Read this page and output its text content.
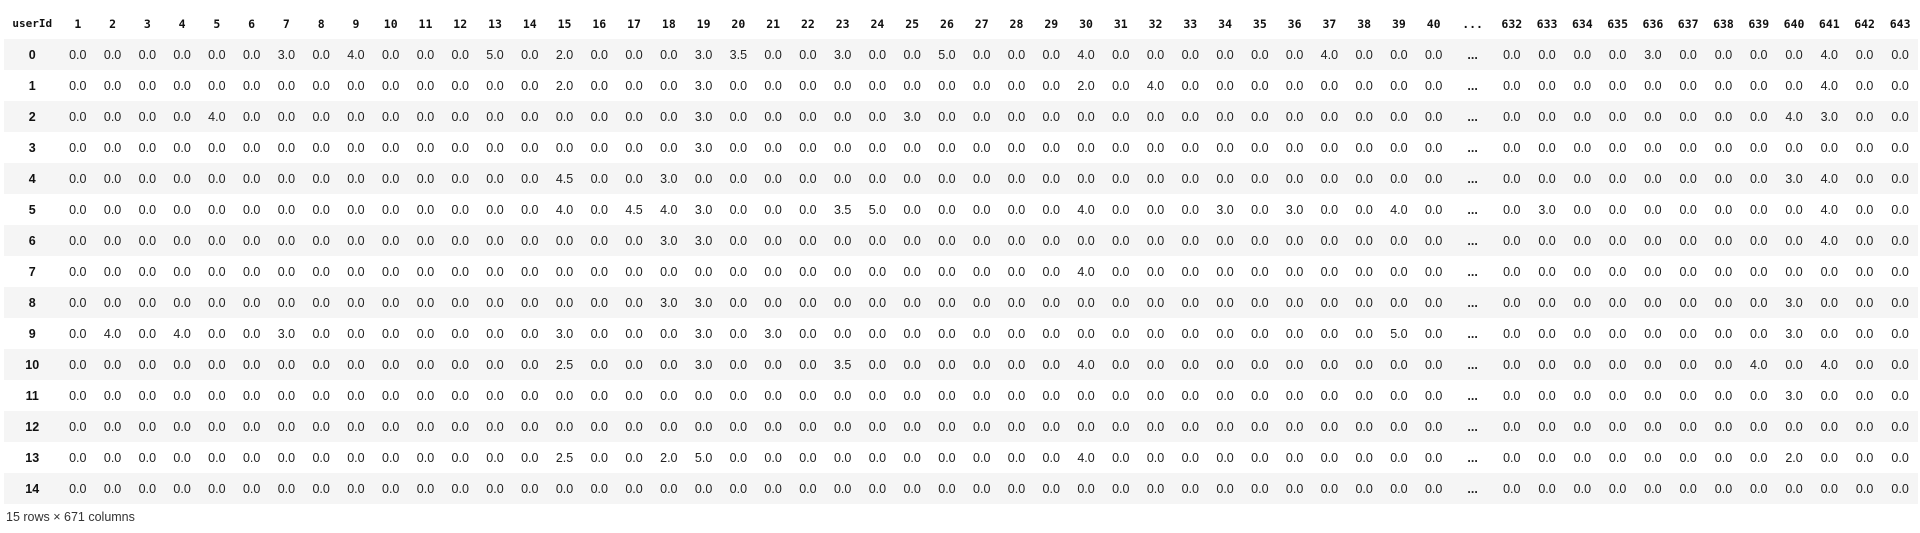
userId	1	2	3	4	5	6	7	8	9	10	11	12	13	14	15	16	17	18	19	20	21	22	23	24	25	26	27	28	29	30	31	32	33	34	35	36	37	38	39	40	...	632	633	634	635	636	637	638	639	640	641	642	643
0	0.0	0.0	0.0	0.0	0.0	0.0	3.0	0.0	4.0	0.0	0.0	0.0	5.0	0.0	2.0	0.0	0.0	0.0	3.0	3.5	0.0	0.0	3.0	0.0	0.0	5.0	0.0	0.0	0.0	4.0	0.0	0.0	0.0	0.0	0.0	0.0	4.0	0.0	0.0	0.0	...	0.0	0.0	0.0	0.0	3.0	0.0	0.0	0.0	0.0	4.0	0.0	0.0
1	0.0	0.0	0.0	0.0	0.0	0.0	0.0	0.0	0.0	0.0	0.0	0.0	0.0	0.0	2.0	0.0	0.0	0.0	3.0	0.0	0.0	0.0	0.0	0.0	0.0	0.0	0.0	0.0	0.0	2.0	0.0	4.0	0.0	0.0	0.0	0.0	0.0	0.0	0.0	0.0	...	0.0	0.0	0.0	0.0	0.0	0.0	0.0	0.0	0.0	4.0	0.0	0.0
2	0.0	0.0	0.0	0.0	4.0	0.0	0.0	0.0	0.0	0.0	0.0	0.0	0.0	0.0	0.0	0.0	0.0	0.0	3.0	0.0	0.0	0.0	0.0	0.0	3.0	0.0	0.0	0.0	0.0	0.0	0.0	0.0	0.0	0.0	0.0	0.0	0.0	0.0	0.0	0.0	...	0.0	0.0	0.0	0.0	0.0	0.0	0.0	0.0	4.0	3.0	0.0	0.0
3	0.0	0.0	0.0	0.0	0.0	0.0	0.0	0.0	0.0	0.0	0.0	0.0	0.0	0.0	0.0	0.0	0.0	0.0	3.0	0.0	0.0	0.0	0.0	0.0	0.0	0.0	0.0	0.0	0.0	0.0	0.0	0.0	0.0	0.0	0.0	0.0	0.0	0.0	0.0	0.0	...	0.0	0.0	0.0	0.0	0.0	0.0	0.0	0.0	0.0	0.0	0.0	0.0
4	0.0	0.0	0.0	0.0	0.0	0.0	0.0	0.0	0.0	0.0	0.0	0.0	0.0	0.0	4.5	0.0	0.0	3.0	0.0	0.0	0.0	0.0	0.0	0.0	0.0	0.0	0.0	0.0	0.0	0.0	0.0	0.0	0.0	0.0	0.0	0.0	0.0	0.0	0.0	0.0	...	0.0	0.0	0.0	0.0	0.0	0.0	0.0	0.0	3.0	4.0	0.0	0.0
5	0.0	0.0	0.0	0.0	0.0	0.0	0.0	0.0	0.0	0.0	0.0	0.0	0.0	0.0	4.0	0.0	4.5	4.0	3.0	0.0	0.0	0.0	3.5	5.0	0.0	0.0	0.0	0.0	0.0	4.0	0.0	0.0	0.0	3.0	0.0	3.0	0.0	0.0	4.0	0.0	...	0.0	3.0	0.0	0.0	0.0	0.0	0.0	0.0	0.0	4.0	0.0	0.0
6	0.0	0.0	0.0	0.0	0.0	0.0	0.0	0.0	0.0	0.0	0.0	0.0	0.0	0.0	0.0	0.0	0.0	3.0	3.0	0.0	0.0	0.0	0.0	0.0	0.0	0.0	0.0	0.0	0.0	0.0	0.0	0.0	0.0	0.0	0.0	0.0	0.0	0.0	0.0	0.0	...	0.0	0.0	0.0	0.0	0.0	0.0	0.0	0.0	0.0	4.0	0.0	0.0
7	0.0	0.0	0.0	0.0	0.0	0.0	0.0	0.0	0.0	0.0	0.0	0.0	0.0	0.0	0.0	0.0	0.0	0.0	0.0	0.0	0.0	0.0	0.0	0.0	0.0	0.0	0.0	0.0	0.0	4.0	0.0	0.0	0.0	0.0	0.0	0.0	0.0	0.0	0.0	0.0	...	0.0	0.0	0.0	0.0	0.0	0.0	0.0	0.0	0.0	0.0	0.0	0.0
8	0.0	0.0	0.0	0.0	0.0	0.0	0.0	0.0	0.0	0.0	0.0	0.0	0.0	0.0	0.0	0.0	0.0	3.0	3.0	0.0	0.0	0.0	0.0	0.0	0.0	0.0	0.0	0.0	0.0	0.0	0.0	0.0	0.0	0.0	0.0	0.0	0.0	0.0	0.0	0.0	...	0.0	0.0	0.0	0.0	0.0	0.0	0.0	0.0	3.0	0.0	0.0	0.0
9	0.0	4.0	0.0	4.0	0.0	0.0	3.0	0.0	0.0	0.0	0.0	0.0	0.0	0.0	3.0	0.0	0.0	0.0	3.0	0.0	3.0	0.0	0.0	0.0	0.0	0.0	0.0	0.0	0.0	0.0	0.0	0.0	0.0	0.0	0.0	0.0	0.0	0.0	5.0	0.0	...	0.0	0.0	0.0	0.0	0.0	0.0	0.0	0.0	3.0	0.0	0.0	0.0
10	0.0	0.0	0.0	0.0	0.0	0.0	0.0	0.0	0.0	0.0	0.0	0.0	0.0	0.0	2.5	0.0	0.0	0.0	3.0	0.0	0.0	0.0	3.5	0.0	0.0	0.0	0.0	0.0	0.0	4.0	0.0	0.0	0.0	0.0	0.0	0.0	0.0	0.0	0.0	0.0	...	0.0	0.0	0.0	0.0	0.0	0.0	0.0	4.0	0.0	4.0	0.0	0.0
11	0.0	0.0	0.0	0.0	0.0	0.0	0.0	0.0	0.0	0.0	0.0	0.0	0.0	0.0	0.0	0.0	0.0	0.0	0.0	0.0	0.0	0.0	0.0	0.0	0.0	0.0	0.0	0.0	0.0	0.0	0.0	0.0	0.0	0.0	0.0	0.0	0.0	0.0	0.0	0.0	...	0.0	0.0	0.0	0.0	0.0	0.0	0.0	0.0	3.0	0.0	0.0	0.0
12	0.0	0.0	0.0	0.0	0.0	0.0	0.0	0.0	0.0	0.0	0.0	0.0	0.0	0.0	0.0	0.0	0.0	0.0	0.0	0.0	0.0	0.0	0.0	0.0	0.0	0.0	0.0	0.0	0.0	0.0	0.0	0.0	0.0	0.0	0.0	0.0	0.0	0.0	0.0	0.0	...	0.0	0.0	0.0	0.0	0.0	0.0	0.0	0.0	0.0	0.0	0.0	0.0
13	0.0	0.0	0.0	0.0	0.0	0.0	0.0	0.0	0.0	0.0	0.0	0.0	0.0	0.0	2.5	0.0	0.0	2.0	5.0	0.0	0.0	0.0	0.0	0.0	0.0	0.0	0.0	0.0	0.0	4.0	0.0	0.0	0.0	0.0	0.0	0.0	0.0	0.0	0.0	0.0	...	0.0	0.0	0.0	0.0	0.0	0.0	0.0	0.0	2.0	0.0	0.0	0.0
14	0.0	0.0	0.0	0.0	0.0	0.0	0.0	0.0	0.0	0.0	0.0	0.0	0.0	0.0	0.0	0.0	0.0	0.0	0.0	0.0	0.0	0.0	0.0	0.0	0.0	0.0	0.0	0.0	0.0	0.0	0.0	0.0	0.0	0.0	0.0	0.0	0.0	0.0	0.0	0.0	...	0.0	0.0	0.0	0.0	0.0	0.0	0.0	0.0	0.0	0.0	0.0	0.0
15 rows × 671 columns
